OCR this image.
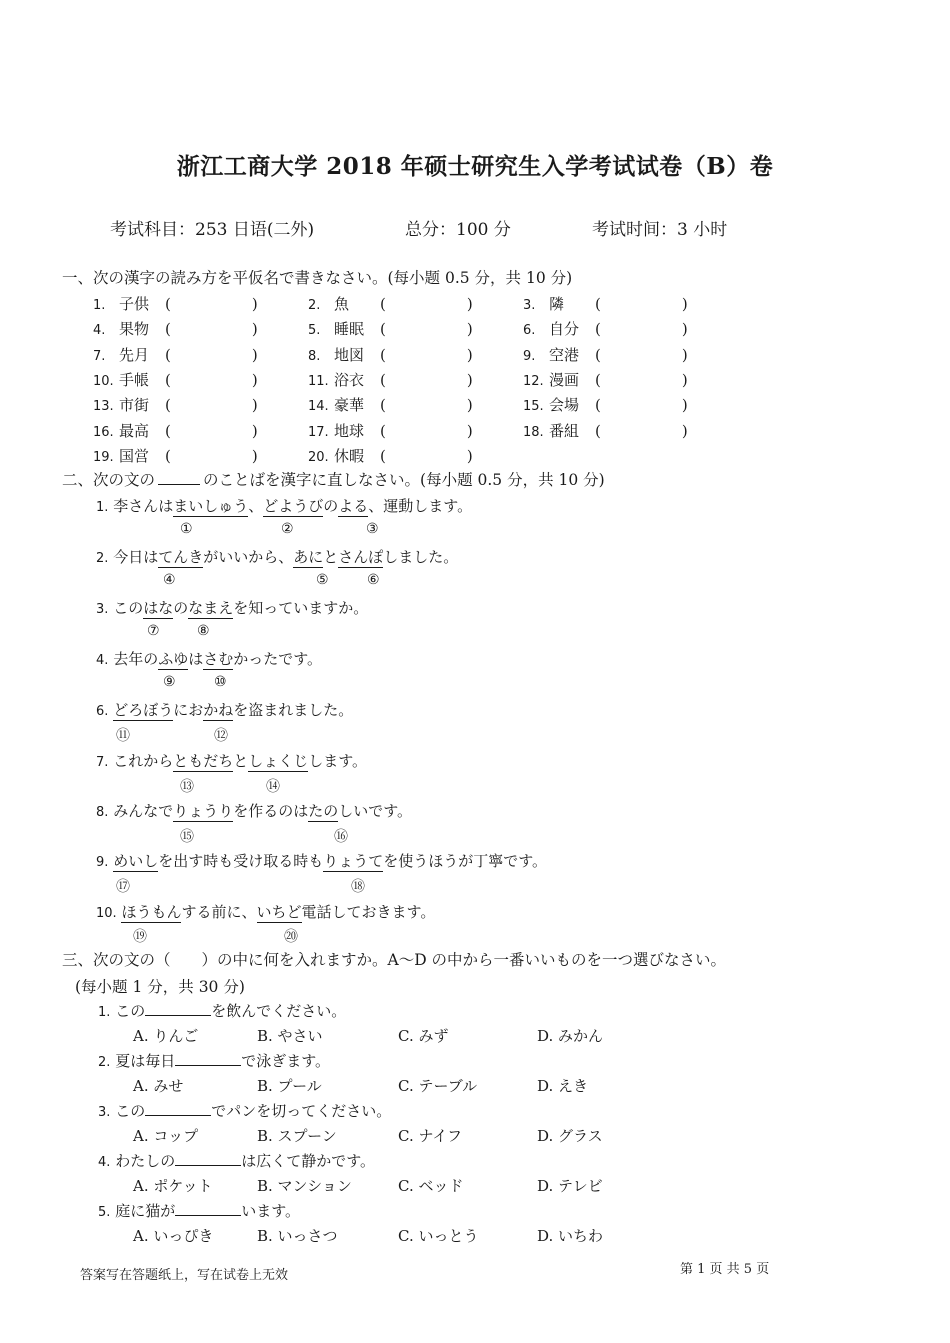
浙江工商大学 2018 年硕士研究生入学考试试卷（B）卷
考试科目：253 日语(二外)	总分：100 分	考试时间：3 小时
一、次の漢字の読み方を平仮名で書きなさい。(每小题 0.5 分，共 10 分)
1. 子供 (　　　　　)	2. 魚 (　　　　　)	3. 隣 (　　　　　)
4. 果物 (　　　　　)	5. 睡眠 (　　　　　)	6. 自分 (　　　　　)
7. 先月 (　　　　　)	8. 地図 (　　　　　)	9. 空港 (　　　　　)
10. 手帳 (　　　　　)	11. 浴衣 (　　　　　)	12. 漫画 (　　　　　)
13. 市街 (　　　　　)	14. 豪華 (　　　　　)	15. 会場 (　　　　　)
16. 最高 (　　　　　)	17. 地球 (　　　　　)	18. 番組 (　　　　　)
19. 国営 (　　　　　)	20. 休暇 (　　　　　)
二、次の文の	のことばを漢字に直しなさい。(每小题 0.5 分，共 10 分)
1. 李さんはまいしゅう、どようびのよる、運動します。
①	②	③
2. 今日はてんきがいいから、あにとさんぽしました。
④	⑤	⑥
3. このはなのなまえを知っていますか。
⑦	⑧
4. 去年のふゆはさむかったです。
⑨	⑩
6. どろぼうにおかねを盗まれました。
⑪	⑫
7. これからともだちとしょくじします。
⑬	⑭
8. みんなでりょうりを作るのはたのしいです。
⑮	⑯
9. めいしを出す時も受け取る時もりょうてを使うほうが丁寧です。
⑰	⑱
10. ほうもんする前に、いちど電話しておきます。
⑲	⑳
三、次の文の（　　）の中に何を入れますか。A～D の中から一番いいものを一つ選びなさい。
(每小题 1 分，共 30 分)
1. この	を飲んでください。
A. りんご	B. やさい	C. みず	D. みかん
2. 夏は毎日	で泳ぎます。
A. みせ	B. プール	C. テーブル	D. えき
3. この	でパンを切ってください。
A. コップ	B. スプーン	C. ナイフ	D. グラス
4. わたしの	は広くて静かです。
A. ポケット	B. マンション	C. ベッド	D. テレビ
5. 庭に猫が	います。
A. いっぴき	B. いっさつ	C. いっとう	D. いちわ
答案写在答题纸上，写在试卷上无效	第 1 页 共 5 页
